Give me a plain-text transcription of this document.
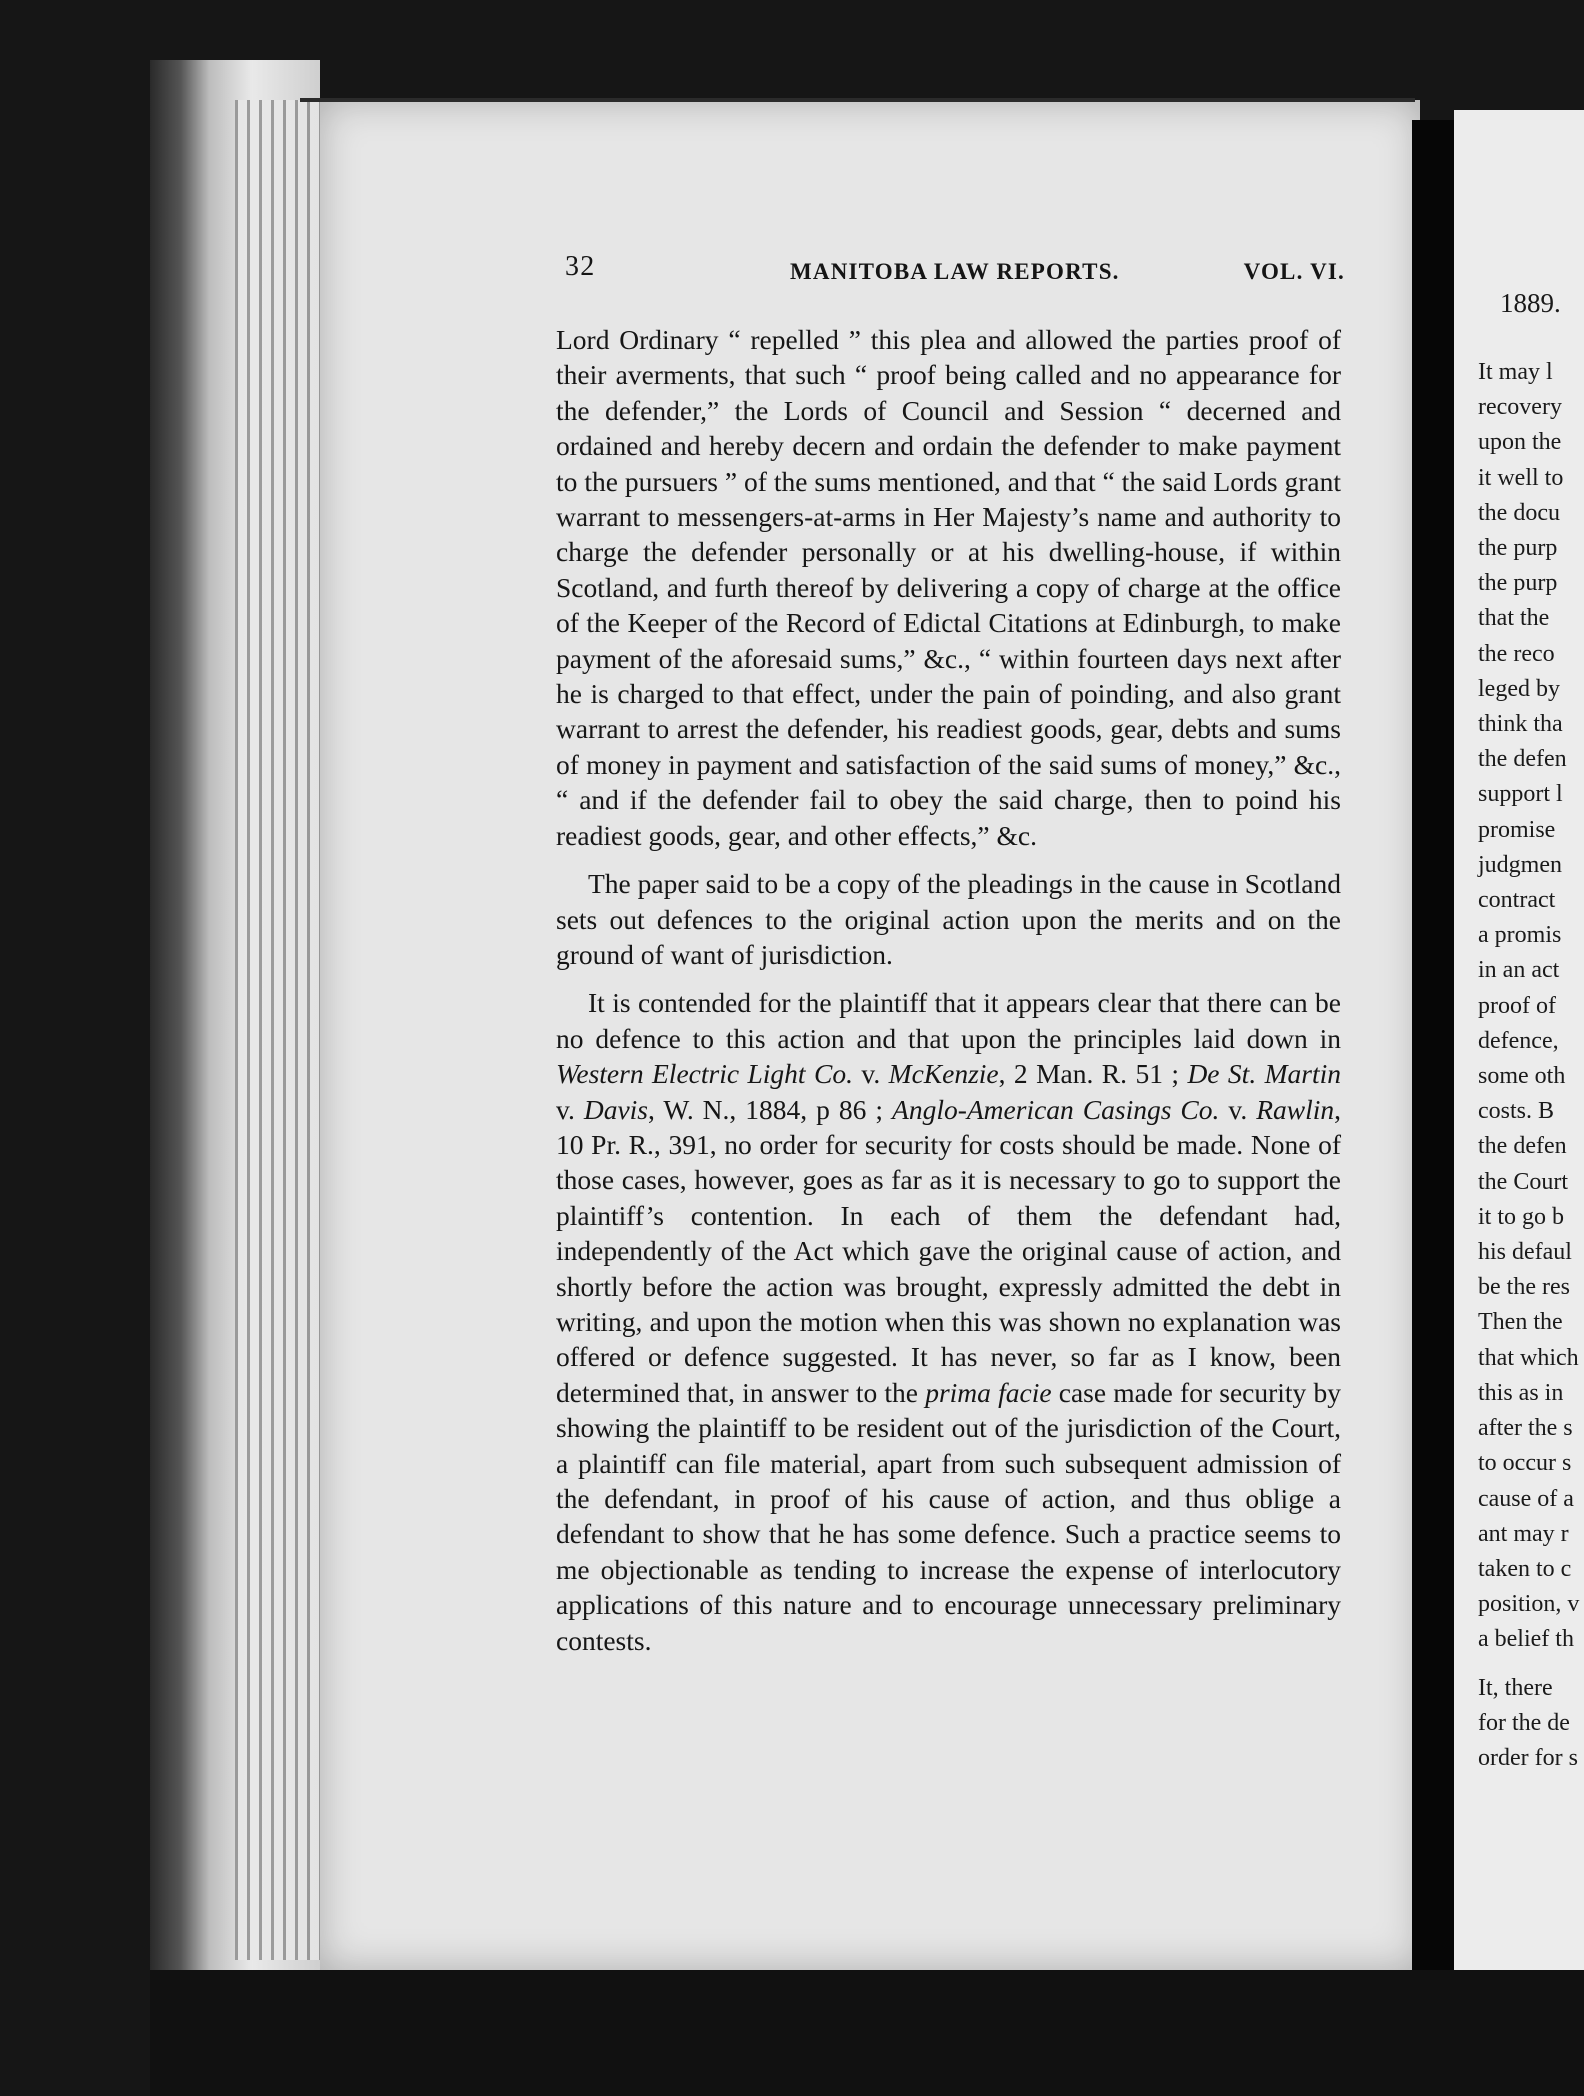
32	MANITOBA LAW REPORTS.	VOL. VI.

Lord Ordinary “ repelled ” this plea and allowed the parties proof of their averments, that such “ proof being called and no appearance for the defender,” the Lords of Council and Session “ decerned and ordained and hereby decern and ordain the defender to make payment to the pursuers ” of the sums mentioned, and that “ the said Lords grant warrant to messengers-at-arms in Her Majesty’s name and authority to charge the defender personally or at his dwelling-house, if within Scotland, and furth thereof by delivering a copy of charge at the office of the Keeper of the Record of Edictal Citations at Edinburgh, to make payment of the aforesaid sums,” &c., “ within fourteen days next after he is charged to that effect, under the pain of poinding, and also grant warrant to arrest the defender, his readiest goods, gear, debts and sums of money in payment and satisfaction of the said sums of money,” &c., “ and if the defender fail to obey the said charge, then to poind his readiest goods, gear, and other effects,” &c.

The paper said to be a copy of the pleadings in the cause in Scotland sets out defences to the original action upon the merits and on the ground of want of jurisdiction.

It is contended for the plaintiff that it appears clear that there can be no defence to this action and that upon the principles laid down in Western Electric Light Co. v. McKenzie, 2 Man. R. 51 ; De St. Martin v. Davis, W. N., 1884, p 86 ; Anglo-American Casings Co. v. Rawlin, 10 Pr. R., 391, no order for security for costs should be made. None of those cases, however, goes as far as it is necessary to go to support the plaintiff’s contention. In each of them the defendant had, independently of the Act which gave the original cause of action, and shortly before the action was brought, expressly admitted the debt in writing, and upon the motion when this was shown no explanation was offered or defence suggested. It has never, so far as I know, been determined that, in answer to the prima facie case made for security by showing the plaintiff to be resident out of the jurisdiction of the Court, a plaintiff can file material, apart from such subsequent admission of the defendant, in proof of his cause of action, and thus oblige a defendant to show that he has some defence. Such a practice seems to me objectionable as tending to increase the expense of interlocutory applications of this nature and to encourage unnecessary preliminary contests.

1889.
It may l
recovery
upon the
it well to
the docu
the purp
the purp
that the
the reco
leged by
think tha
the defen
support l
promise
judgmen
contract
a promis
in an act
proof of
defence,
some oth
costs. B
the defen
the Court
it to go b
his defaul
be the res
Then the
that which
this as in
after the s
to occur s
cause of a
ant may r
taken to c
position, v
a belief th
It, there
for the de
order for s
